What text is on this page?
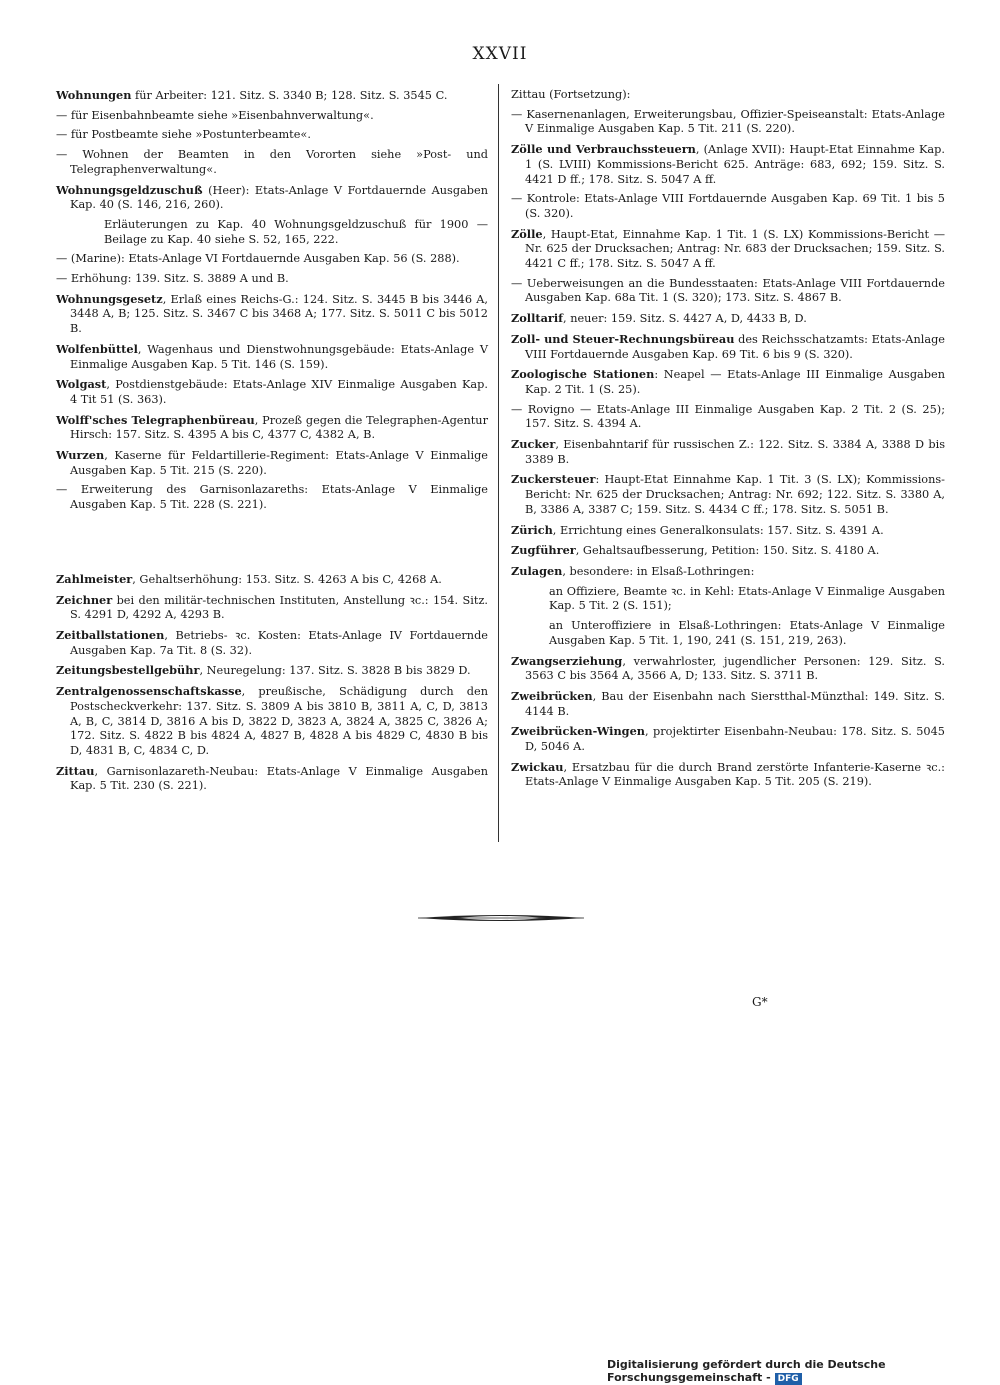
XXVII
Wohnungen für Arbeiter: 121. Sitz. S. 3340 B; 128. Sitz. S. 3545 C.
— für Eisenbahnbeamte siehe »Eisenbahnverwaltung«.
— für Postbeamte siehe »Postunterbeamte«.
— Wohnen der Beamten in den Vororten siehe »Post- und Telegraphenverwaltung«.
Wohnungsgeldzuschuß (Heer): Etats-Anlage V Fortdauernde Ausgaben Kap. 40 (S. 146, 216, 260).
Erläuterungen zu Kap. 40 Wohnungsgeldzuschuß für 1900 — Beilage zu Kap. 40 siehe S. 52, 165, 222.
— (Marine): Etats-Anlage VI Fortdauernde Ausgaben Kap. 56 (S. 288).
— Erhöhung: 139. Sitz. S. 3889 A und B.
Wohnungsgesetz, Erlaß eines Reichs-G.: 124. Sitz. S. 3445 B bis 3446 A, 3448 A, B; 125. Sitz. S. 3467 C bis 3468 A; 177. Sitz. S. 5011 C bis 5012 B.
Wolfenbüttel, Wagenhaus und Dienstwohnungsgebäude: Etats-Anlage V Einmalige Ausgaben Kap. 5 Tit. 146 (S. 159).
Wolgast, Postdienstgebäude: Etats-Anlage XIV Einmalige Ausgaben Kap. 4 Tit 51 (S. 363).
Wolff'sches Telegraphenbüreau, Prozeß gegen die Telegraphen-Agentur Hirsch: 157. Sitz. S. 4395 A bis C, 4377 C, 4382 A, B.
Wurzen, Kaserne für Feldartillerie-Regiment: Etats-Anlage V Einmalige Ausgaben Kap. 5 Tit. 215 (S. 220).
— Erweiterung des Garnisonlazareths: Etats-Anlage V Einmalige Ausgaben Kap. 5 Tit. 228 (S. 221).
Zahlmeister, Gehaltserhöhung: 153. Sitz. S. 4263 A bis C, 4268 A.
Zeichner bei den militär-technischen Instituten, Anstellung ꝛc.: 154. Sitz. S. 4291 D, 4292 A, 4293 B.
Zeitballstationen, Betriebs- ꝛc. Kosten: Etats-Anlage IV Fortdauernde Ausgaben Kap. 7a Tit. 8 (S. 32).
Zeitungsbestellgebühr, Neuregelung: 137. Sitz. S. 3828 B bis 3829 D.
Zentralgenossenschaftskasse, preußische, Schädigung durch den Postscheckverkehr: 137. Sitz. S. 3809 A bis 3810 B, 3811 A, C, D, 3813 A, B, C, 3814 D, 3816 A bis D, 3822 D, 3823 A, 3824 A, 3825 C, 3826 A; 172. Sitz. S. 4822 B bis 4824 A, 4827 B, 4828 A bis 4829 C, 4830 B bis D, 4831 B, C, 4834 C, D.
Zittau, Garnisonlazareth-Neubau: Etats-Anlage V Einmalige Ausgaben Kap. 5 Tit. 230 (S. 221).
Zittau (Fortsetzung):
— Kasernenanlagen, Erweiterungsbau, Offizier-Speiseanstalt: Etats-Anlage V Einmalige Ausgaben Kap. 5 Tit. 211 (S. 220).
Zölle und Verbrauchssteuern, (Anlage XVII): Haupt-Etat Einnahme Kap. 1 (S. LVIII) Kommissions-Bericht 625. Anträge: 683, 692; 159. Sitz. S. 4421 D ff.; 178. Sitz. S. 5047 A ff.
— Kontrole: Etats-Anlage VIII Fortdauernde Ausgaben Kap. 69 Tit. 1 bis 5 (S. 320).
Zölle, Haupt-Etat, Einnahme Kap. 1 Tit. 1 (S. LX) Kommissions-Bericht — Nr. 625 der Drucksachen; Antrag: Nr. 683 der Drucksachen; 159. Sitz. S. 4421 C ff.; 178. Sitz. S. 5047 A ff.
— Ueberweisungen an die Bundesstaaten: Etats-Anlage VIII Fortdauernde Ausgaben Kap. 68a Tit. 1 (S. 320); 173. Sitz. S. 4867 B.
Zolltarif, neuer: 159. Sitz. S. 4427 A, D, 4433 B, D.
Zoll- und Steuer-Rechnungsbüreau des Reichsschatzamts: Etats-Anlage VIII Fortdauernde Ausgaben Kap. 69 Tit. 6 bis 9 (S. 320).
Zoologische Stationen: Neapel — Etats-Anlage III Einmalige Ausgaben Kap. 2 Tit. 1 (S. 25).
— Rovigno — Etats-Anlage III Einmalige Ausgaben Kap. 2 Tit. 2 (S. 25); 157. Sitz. S. 4394 A.
Zucker, Eisenbahntarif für russischen Z.: 122. Sitz. S. 3384 A, 3388 D bis 3389 B.
Zuckersteuer: Haupt-Etat Einnahme Kap. 1 Tit. 3 (S. LX); Kommissions-Bericht: Nr. 625 der Drucksachen; Antrag: Nr. 692; 122. Sitz. S. 3380 A, B, 3386 A, 3387 C; 159. Sitz. S. 4434 C ff.; 178. Sitz. S. 5051 B.
Zürich, Errichtung eines Generalkonsulats: 157. Sitz. S. 4391 A.
Zugführer, Gehaltsaufbesserung, Petition: 150. Sitz. S. 4180 A.
Zulagen, besondere: in Elsaß-Lothringen:
an Offiziere, Beamte ꝛc. in Kehl: Etats-Anlage V Einmalige Ausgaben Kap. 5 Tit. 2 (S. 151);
an Unteroffiziere in Elsaß-Lothringen: Etats-Anlage V Einmalige Ausgaben Kap. 5 Tit. 1, 190, 241 (S. 151, 219, 263).
Zwangserziehung, verwahrloster, jugendlicher Personen: 129. Sitz. S. 3563 C bis 3564 A, 3566 A, D; 133. Sitz. S. 3711 B.
Zweibrücken, Bau der Eisenbahn nach Sierstthal-Münzthal: 149. Sitz. S. 4144 B.
Zweibrücken-Wingen, projektirter Eisenbahn-Neubau: 178. Sitz. S. 5045 D, 5046 A.
Zwickau, Ersatzbau für die durch Brand zerstörte Infanterie-Kaserne ꝛc.: Etats-Anlage V Einmalige Ausgaben Kap. 5 Tit. 205 (S. 219).
G*
Digitalisierung gefördert durch die Deutsche Forschungsgemeinschaft - DFG
